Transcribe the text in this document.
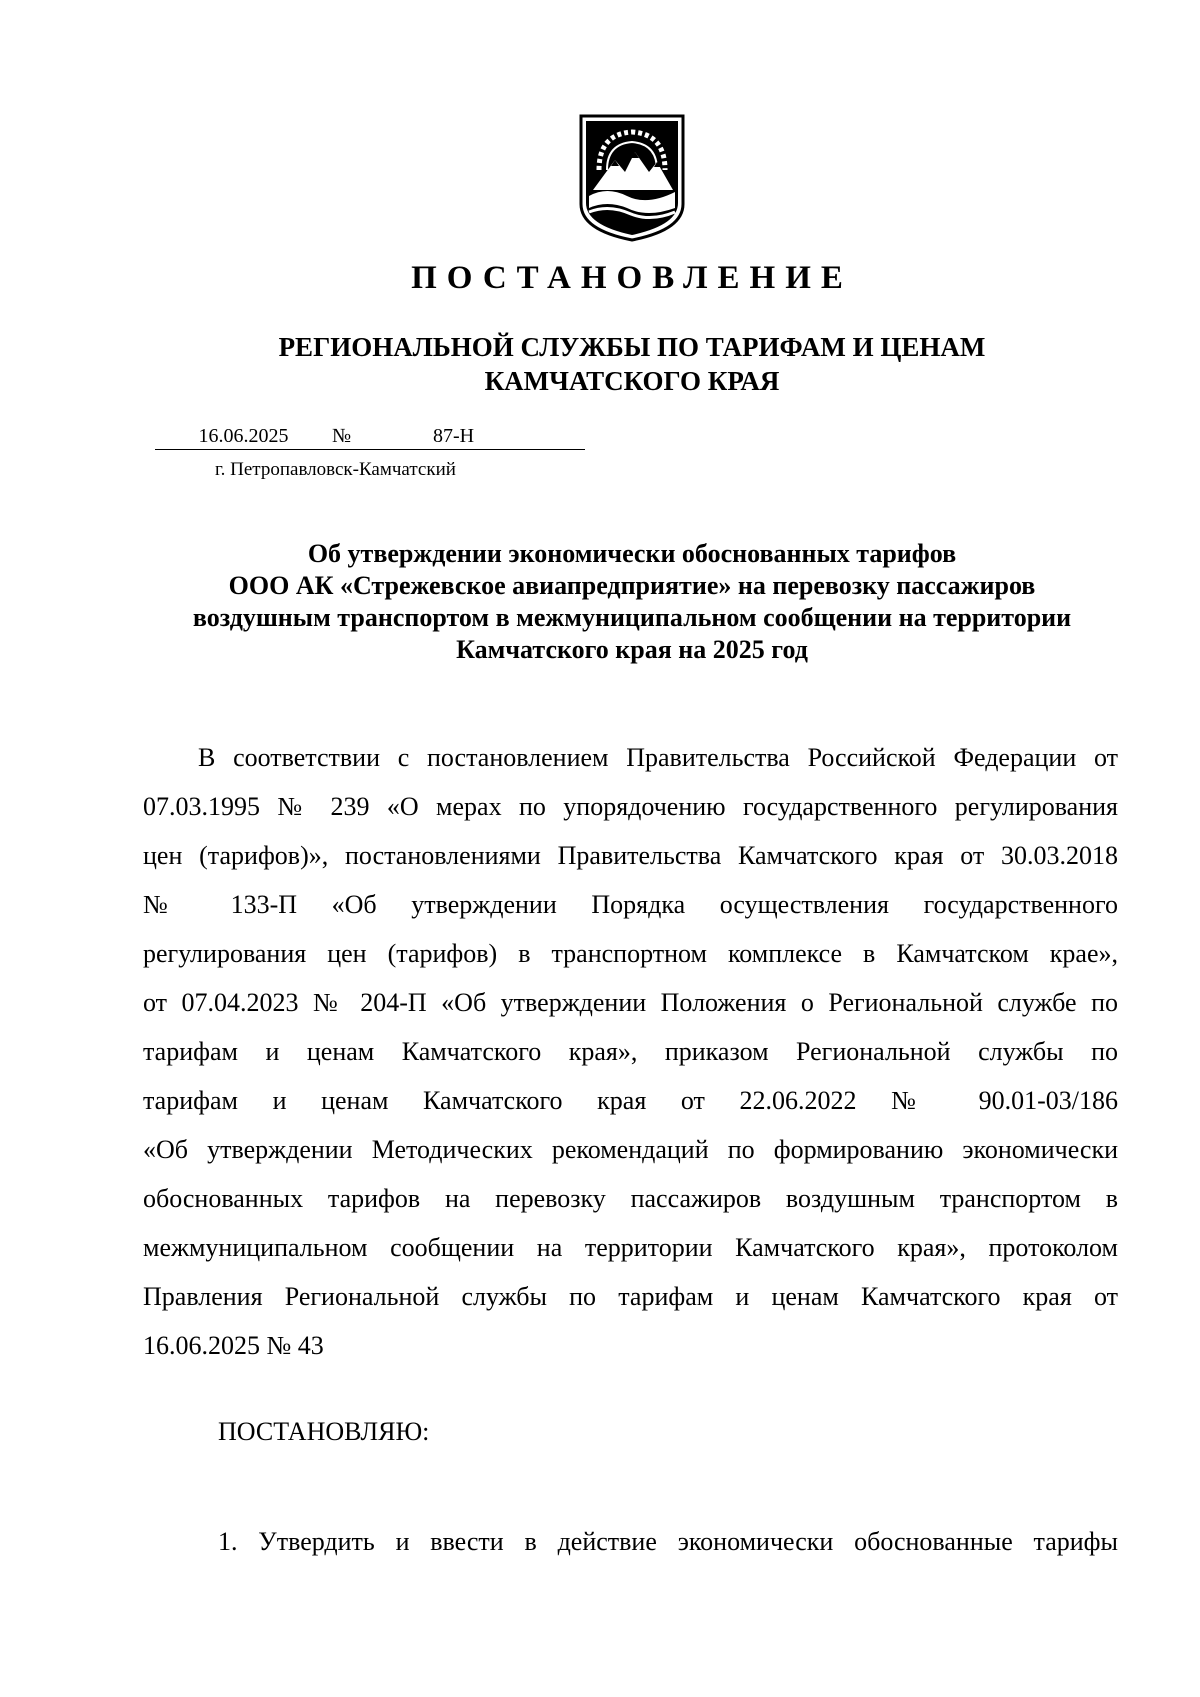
ПОСТАНОВЛЕНИЕ
РЕГИОНАЛЬНОЙ СЛУЖБЫ ПО ТАРИФАМ И ЦЕНАМ
КАМЧАТСКОГО КРАЯ
16.06.2025	№	87-Н
г. Петропавловск-Камчатский
Об утверждении экономически обоснованных тарифов
ООО АК «Стрежевское авиапредприятие» на перевозку пассажиров
воздушным транспортом в межмуниципальном сообщении на территории
Камчатского края на 2025 год
В соответствии с постановлением Правительства Российской Федерации от
07.03.1995 № 239 «О мерах по упорядочению государственного регулирования
цен (тарифов)», постановлениями Правительства Камчатского края от 30.03.2018
№ 133-П «Об утверждении Порядка осуществления государственного
регулирования цен (тарифов) в транспортном комплексе в Камчатском крае»,
от 07.04.2023 № 204-П «Об утверждении Положения о Региональной службе по
тарифам и ценам Камчатского края», приказом Региональной службы по
тарифам и ценам Камчатского края от 22.06.2022 № 90.01-03/186
«Об утверждении Методических рекомендаций по формированию экономически
обоснованных тарифов на перевозку пассажиров воздушным транспортом в
межмуниципальном сообщении на территории Камчатского края», протоколом
Правления Региональной службы по тарифам и ценам Камчатского края от
16.06.2025 № 43
ПОСТАНОВЛЯЮ:
1. Утвердить и ввести в действие экономически обоснованные тарифы
